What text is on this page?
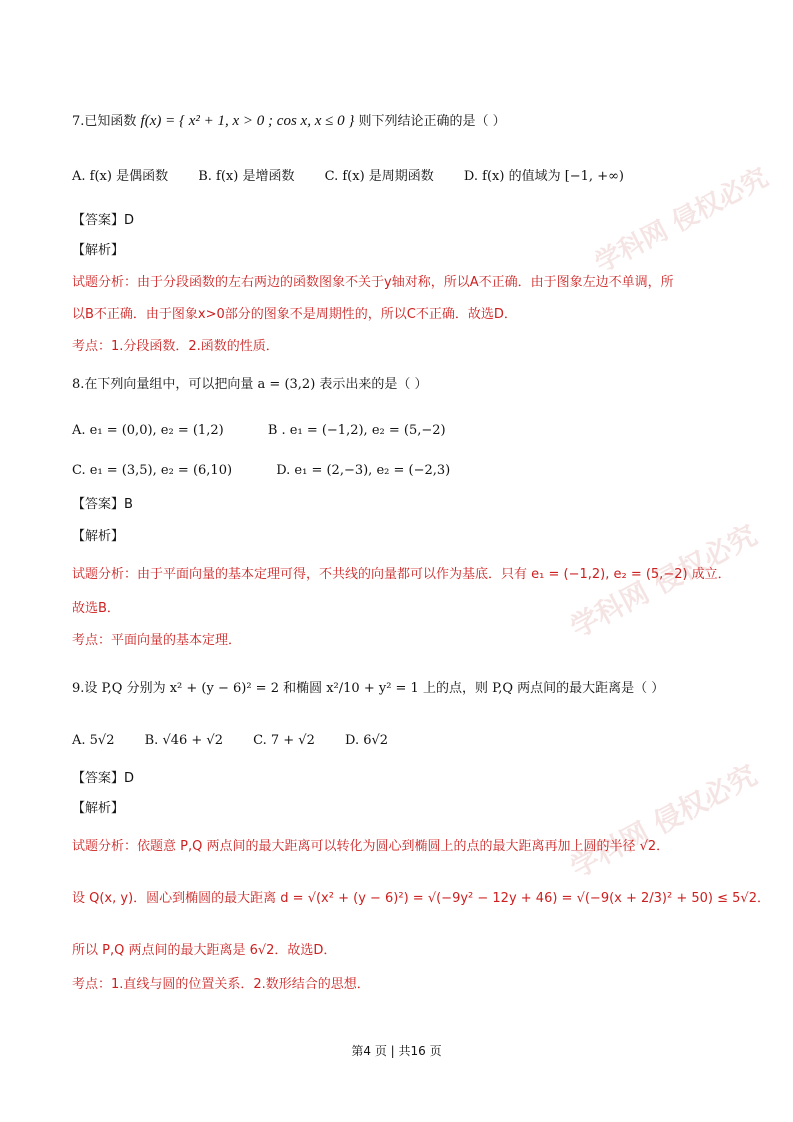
学科网 侵权必究
学科网 侵权必究
学科网 侵权必究
7.已知函数 f(x) = { x² + 1, x > 0 ; cos x, x ≤ 0 } 则下列结论正确的是（ ）
A. f(x) 是偶函数 B. f(x) 是增函数 C. f(x) 是周期函数 D. f(x) 的值域为 [−1, +∞)
【答案】D
【解析】
试题分析：由于分段函数的左右两边的函数图象不关于y轴对称，所以A不正确．由于图象左边不单调，所
以B不正确．由于图象x>0部分的图象不是周期性的，所以C不正确．故选D．
考点：1.分段函数．2.函数的性质．
8.在下列向量组中，可以把向量 a = (3,2) 表示出来的是（ ）
A. e₁ = (0,0), e₂ = (1,2)	B . e₁ = (−1,2), e₂ = (5,−2)
C. e₁ = (3,5), e₂ = (6,10)	D. e₁ = (2,−3), e₂ = (−2,3)
【答案】B
【解析】
试题分析：由于平面向量的基本定理可得，不共线的向量都可以作为基底．只有 e₁ = (−1,2), e₂ = (5,−2) 成立．
故选B．
考点：平面向量的基本定理．
9.设 P,Q 分别为 x² + (y − 6)² = 2 和椭圆 x²/10 + y² = 1 上的点，则 P,Q 两点间的最大距离是（ ）
A. 5√2 B. √46 + √2 C. 7 + √2 D. 6√2
【答案】D
【解析】
试题分析：依题意 P,Q 两点间的最大距离可以转化为圆心到椭圆上的点的最大距离再加上圆的半径 √2．
设 Q(x, y)．圆心到椭圆的最大距离 d = √(x² + (y − 6)²) = √(−9y² − 12y + 46) = √(−9(x + 2/3)² + 50) ≤ 5√2．
所以 P,Q 两点间的最大距离是 6√2．故选D．
考点：1.直线与圆的位置关系．2.数形结合的思想．
第4 页 | 共16 页
